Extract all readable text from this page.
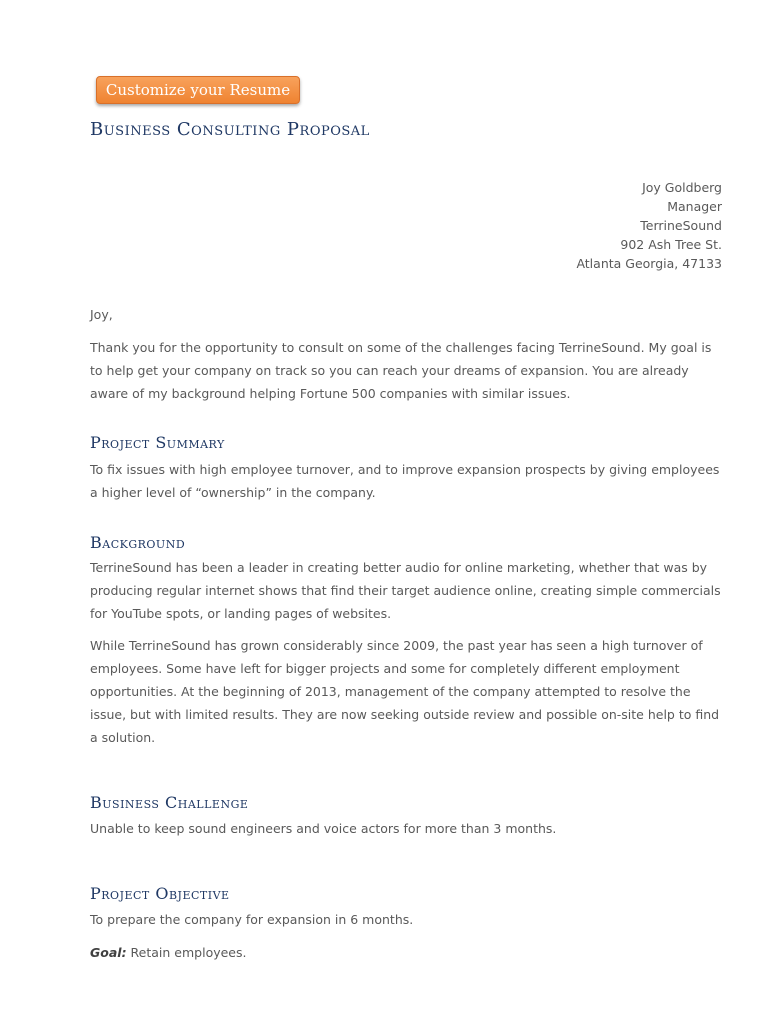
Customize your Resume
Business Consulting Proposal
Joy Goldberg
Manager
TerrineSound
902 Ash Tree St.
Atlanta Georgia, 47133

Joy,

Thank you for the opportunity to consult on some of the challenges facing TerrineSound. My goal is to help get your company on track so you can reach your dreams of expansion. You are already aware of my background helping Fortune 500 companies with similar issues.

Project Summary

To fix issues with high employee turnover, and to improve expansion prospects by giving employees a higher level of “ownership” in the company.

Background

TerrineSound has been a leader in creating better audio for online marketing, whether that was by producing regular internet shows that find their target audience online, creating simple commercials for YouTube spots, or landing pages of websites.

While TerrineSound has grown considerably since 2009, the past year has seen a high turnover of employees. Some have left for bigger projects and some for completely different employment opportunities. At the beginning of 2013, management of the company attempted to resolve the issue, but with limited results. They are now seeking outside review and possible on-site help to find a solution.

Business Challenge

Unable to keep sound engineers and voice actors for more than 3 months.

Project Objective

To prepare the company for expansion in 6 months.

Goal: Retain employees.
